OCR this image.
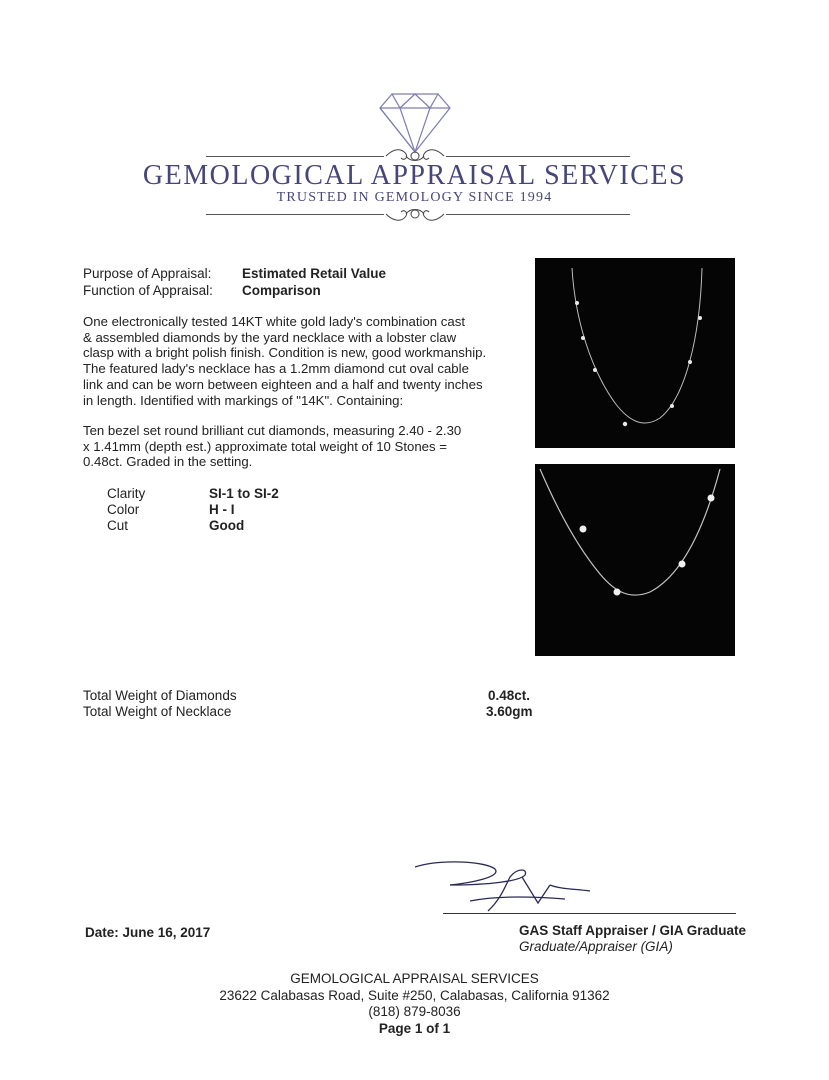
GEMOLOGICAL APPRAISAL SERVICES
TRUSTED IN GEMOLOGY SINCE 1994
Purpose of Appraisal: Estimated Retail Value
Function of Appraisal: Comparison
One electronically tested 14KT white gold lady's combination cast
& assembled diamonds by the yard necklace with a lobster claw
clasp with a bright polish finish. Condition is new, good workmanship.
The featured lady's necklace has a 1.2mm diamond cut oval cable
link and can be worn between eighteen and a half and twenty inches
in length. Identified with markings of "14K". Containing:
Ten bezel set round brilliant cut diamonds, measuring 2.40 - 2.30
x 1.41mm (depth est.) approximate total weight of 10 Stones =
0.48ct. Graded in the setting.
Clarity	SI-1 to SI-2
Color	H - I
Cut	Good
Total Weight of Diamonds	0.48ct.
Total Weight of Necklace	3.60gm
Date: June 16, 2017	GAS Staff Appraiser / GIA Graduate
Graduate/Appraiser (GIA)
GEMOLOGICAL APPRAISAL SERVICES
23622 Calabasas Road, Suite #250, Calabasas, California 91362
(818) 879-8036
Page 1 of 1
